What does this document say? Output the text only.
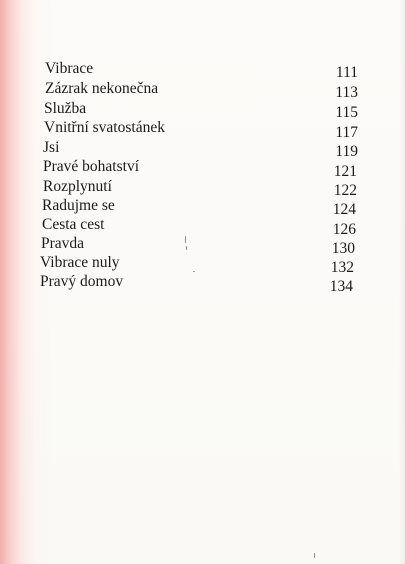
Vibrace	111
Zázrak nekonečna	113
Služba	115
Vnitřní svatostánek	117
Jsi	119
Pravé bohatství	121
Rozplynutí	122
Radujme se	124
Cesta cest	126
Pravda	130
Vibrace nuly	132
Pravý domov	134
